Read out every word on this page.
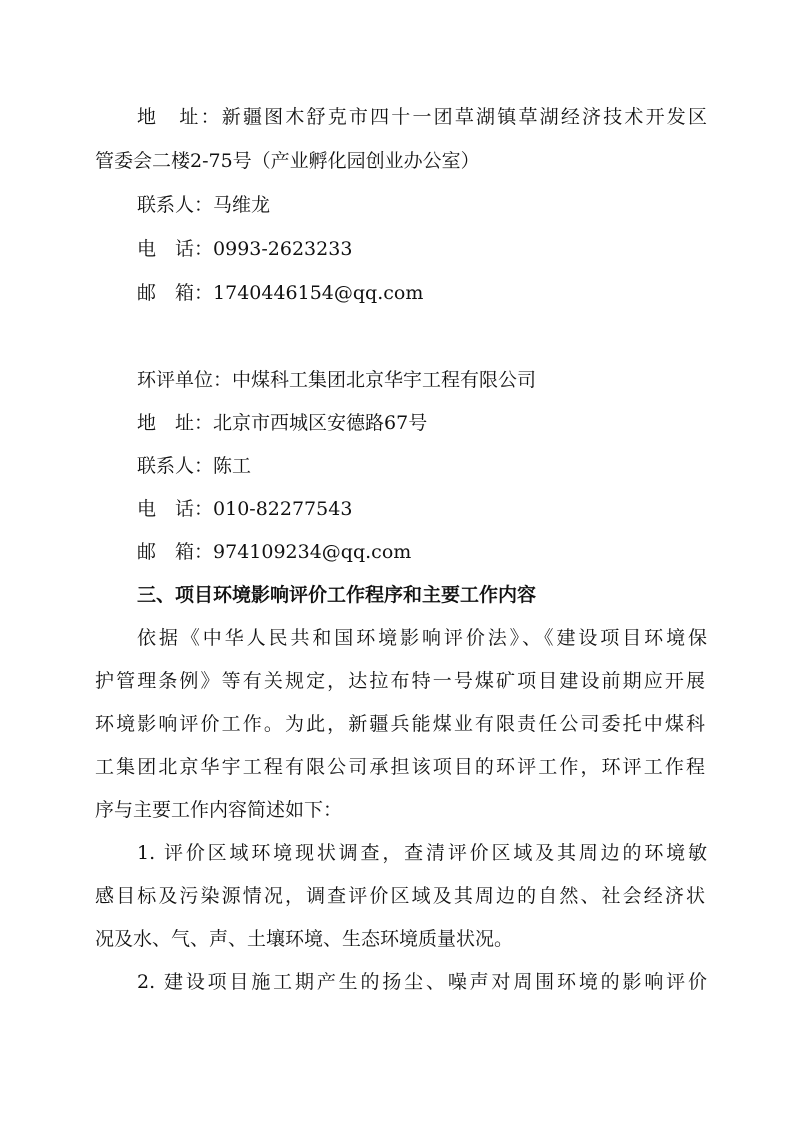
地　址：新疆图木舒克市四十一团草湖镇草湖经济技术开发区
管委会二楼2-75号（产业孵化园创业办公室）
联系人：马维龙
电　话：0993-2623233
邮　箱：1740446154@qq.com
环评单位：中煤科工集团北京华宇工程有限公司
地　址：北京市西城区安德路67号
联系人：陈工
电　话：010-82277543
邮　箱：974109234@qq.com
三、项目环境影响评价工作程序和主要工作内容
依据《中华人民共和国环境影响评价法》、《建设项目环境保
护管理条例》等有关规定，达拉布特一号煤矿项目建设前期应开展
环境影响评价工作。为此，新疆兵能煤业有限责任公司委托中煤科
工集团北京华宇工程有限公司承担该项目的环评工作，环评工作程
序与主要工作内容简述如下：
1. 评价区域环境现状调查，查清评价区域及其周边的环境敏
感目标及污染源情况，调查评价区域及其周边的自然、社会经济状
况及水、气、声、土壤环境、生态环境质量状况。
2. 建设项目施工期产生的扬尘、噪声对周围环境的影响评价
